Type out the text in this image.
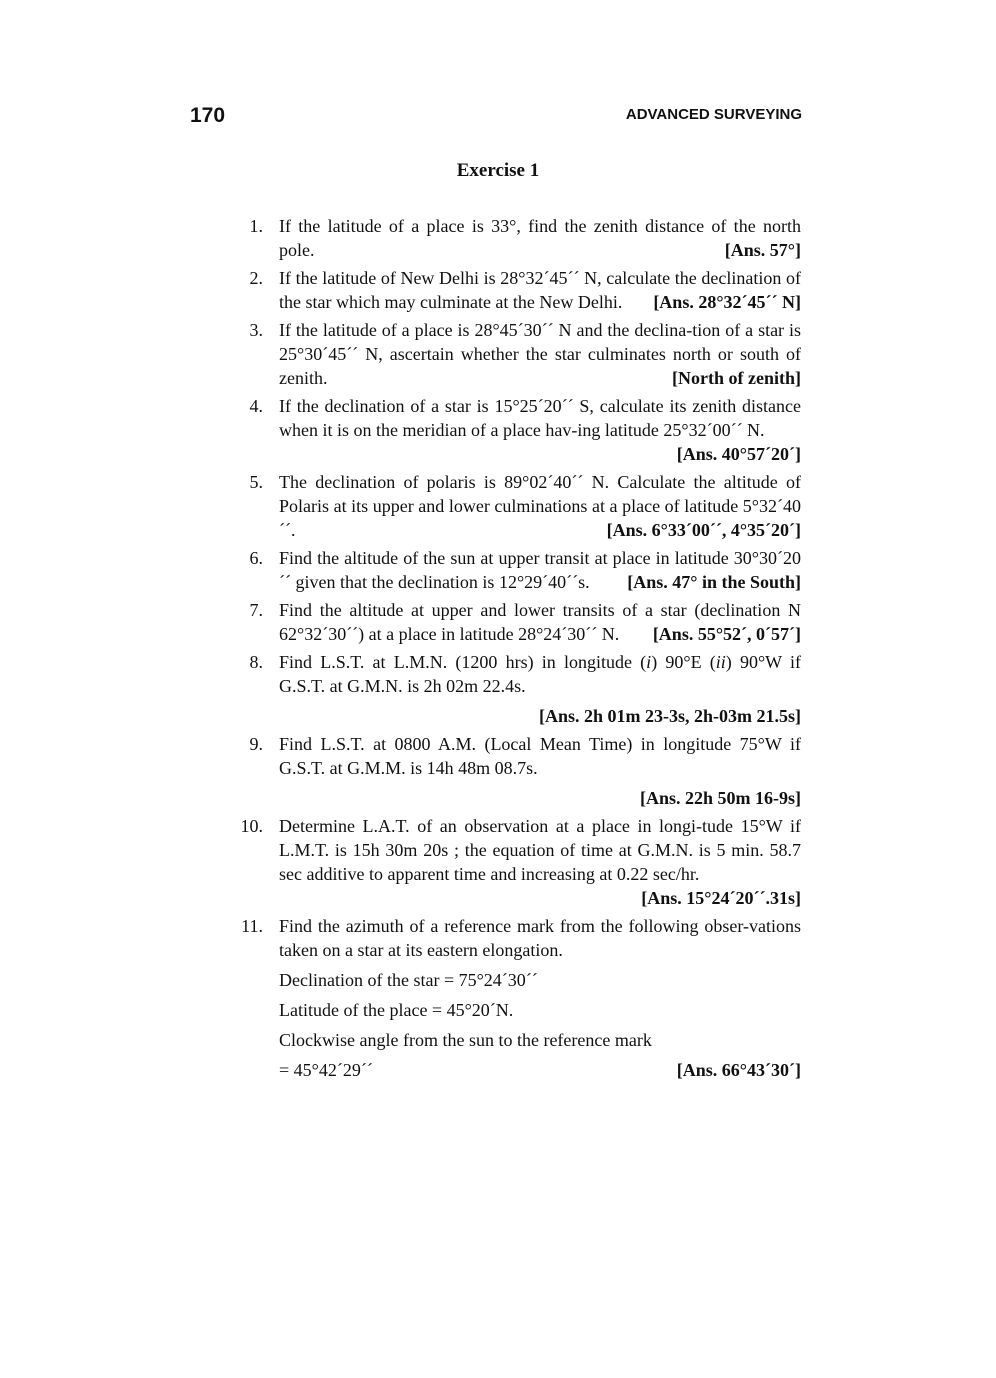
170	ADVANCED SURVEYING
Exercise 1
1. If the latitude of a place is 33°, find the zenith distance of the north pole.	[Ans. 57°]
2. If the latitude of New Delhi is 28°32´45´´ N, calculate the declination of the star which may culminate at the New Delhi.	[Ans. 28°32´45´´ N]
3. If the latitude of a place is 28°45´30´´ N and the declina-tion of a star is 25°30´45´´ N, ascertain whether the star culminates north or south of zenith.	[North of zenith]
4. If the declination of a star is 15°25´20´´ S, calculate its zenith distance when it is on the meridian of a place hav-ing latitude 25°32´00´´ N.
[Ans. 40°57´20´]
5. The declination of polaris is 89°02´40´´ N. Calculate the altitude of Polaris at its upper and lower culminations at a place of latitude 5°32´40´´.	[Ans. 6°33´00´´, 4°35´20´]
6. Find the altitude of the sun at upper transit at place in latitude 30°30´20´´ given that the declination is 12°29´40´´s.	[Ans. 47° in the South]
7. Find the altitude at upper and lower transits of a star (declination N 62°32´30´´) at a place in latitude 28°24´30´´ N.	[Ans. 55°52´, 0´57´]
8. Find L.S.T. at L.M.N. (1200 hrs) in longitude (i) 90°E (ii) 90°W if G.S.T. at G.M.N. is 2h 02m 22.4s.
[Ans. 2h 01m 23-3s, 2h-03m 21.5s]
9. Find L.S.T. at 0800 A.M. (Local Mean Time) in longitude 75°W if G.S.T. at G.M.M. is 14h 48m 08.7s.
[Ans. 22h 50m 16-9s]
10. Determine L.A.T. of an observation at a place in longi-tude 15°W if L.M.T. is 15h 30m 20s ; the equation of time at G.M.N. is 5 min. 58.7 sec additive to apparent time and increasing at 0.22 sec/hr.
[Ans. 15°24´20´´.31s]
11. Find the azimuth of a reference mark from the following obser-vations taken on a star at its eastern elongation.
Declination of the star = 75°24´30´´
Latitude of the place = 45°20´N.
Clockwise angle from the sun to the reference mark
= 45°42´29´´	[Ans. 66°43´30´]
